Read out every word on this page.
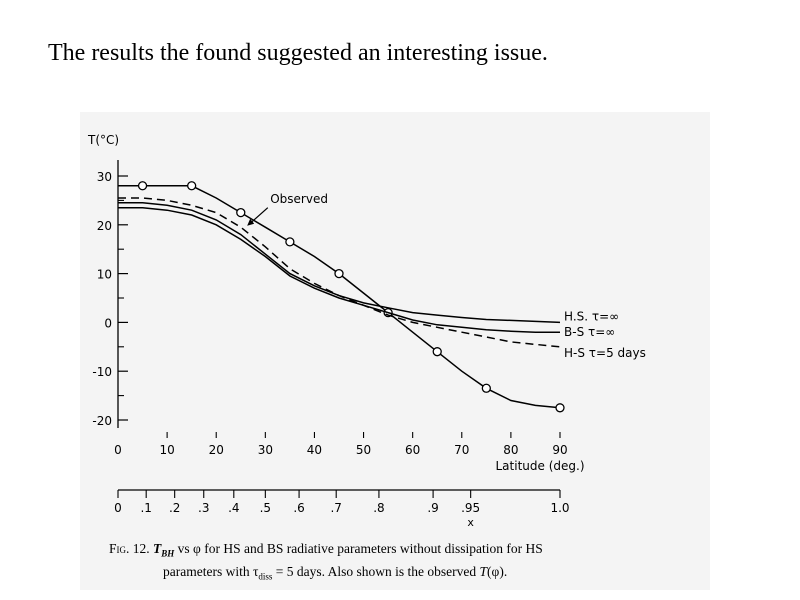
The results the found suggested an interesting issue.
T(°C)
-20
-10
0
10
20
30
0	10	20	30	40	50	60	70	80	90
Latitude (deg.)
0 .1 .2 .3 .4 .5 .6 .7	.8	.9 .95	1.0
x
H.S. τ=∞
B-S τ=∞
H-S τ=5 days
Observed
Fig. 12. $T_{BH}$ vs φ for HS and BS radiative parameters without dissipation for HS
parameters with $\tau_{diss} = 5$ days. Also shown is the observed T(φ).
